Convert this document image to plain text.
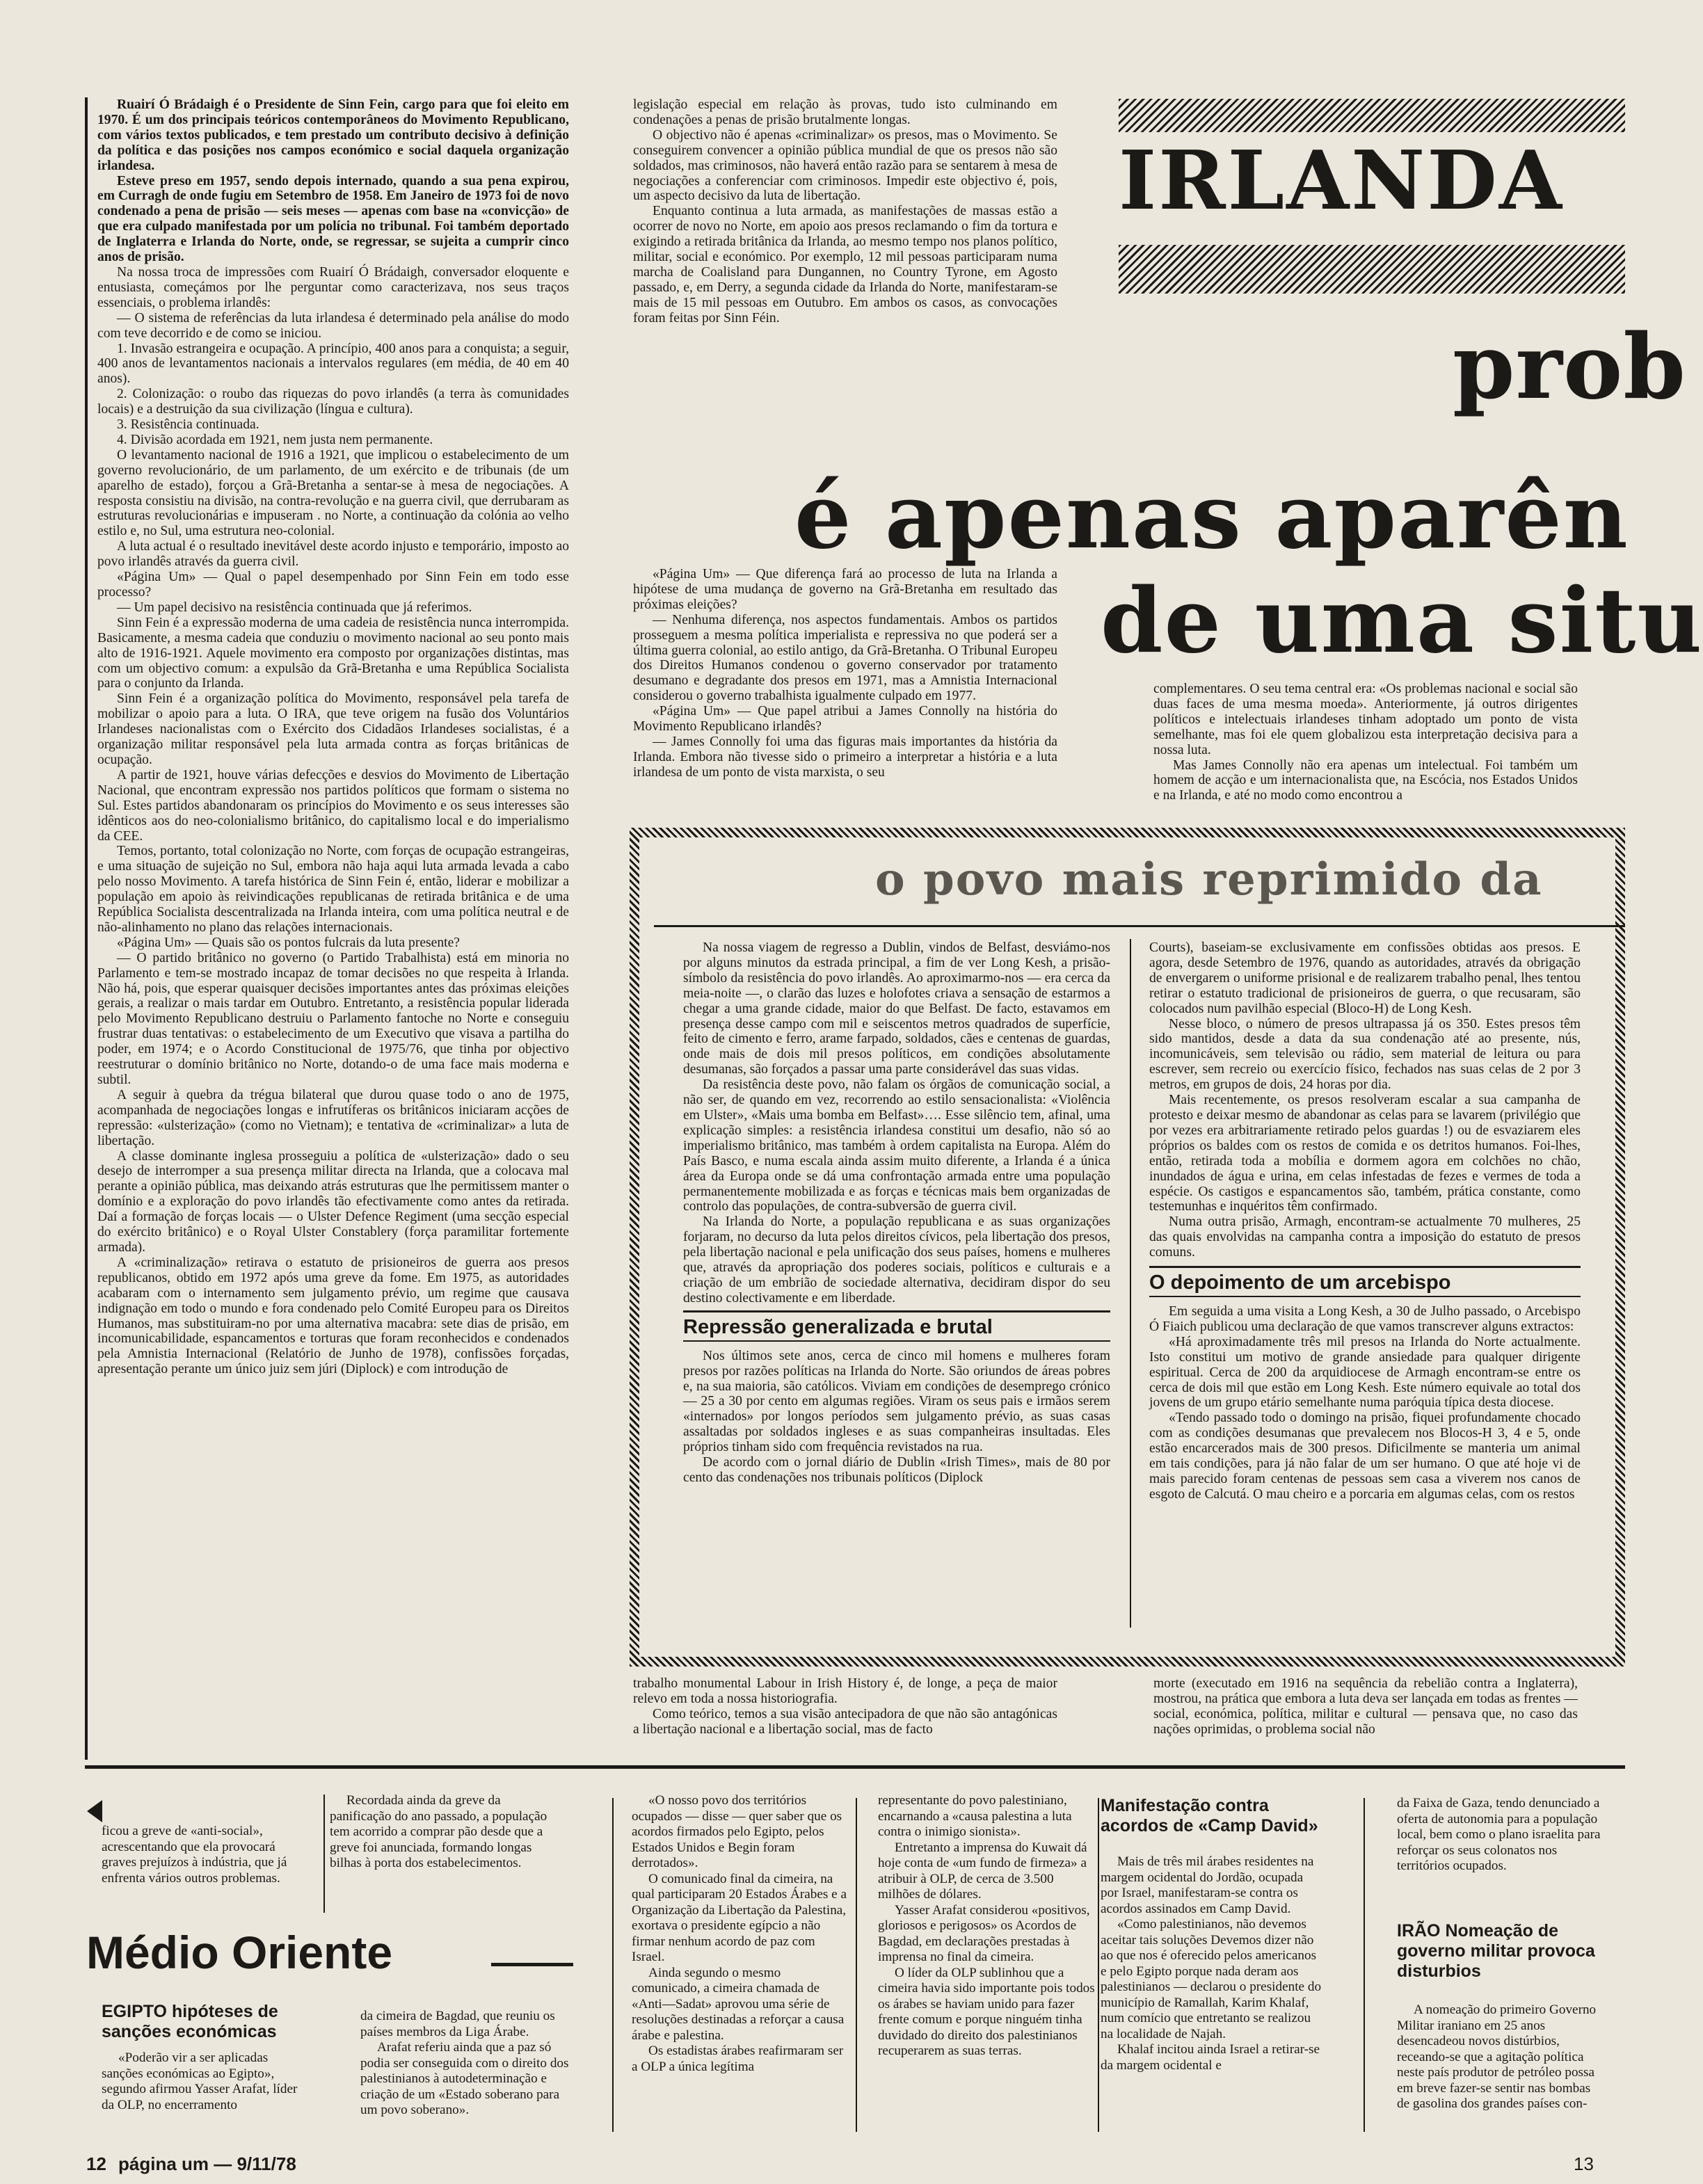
Ruairí Ó Brádaigh é o Presidente de Sinn Fein, cargo para que foi eleito em 1970. É um dos principais teóricos contemporâneos do Movimento Republicano, com vários textos publicados, e tem prestado um contributo decisivo à definição da política e das posições nos campos económico e social daquela organização irlandesa.

Esteve preso em 1957, sendo depois internado, quando a sua pena expirou, em Curragh de onde fugiu em Setembro de 1958. Em Janeiro de 1973 foi de novo condenado a pena de prisão — seis meses — apenas com base na «convicção» de que era culpado manifestada por um polícia no tribunal. Foi também deportado de Inglaterra e Irlanda do Norte, onde, se regressar, se sujeita a cumprir cinco anos de prisão.

Na nossa troca de impressões com Ruairí Ó Brádaigh, conversador eloquente e entusiasta, começámos por lhe perguntar como caracterizava, nos seus traços essenciais, o problema irlandês:

— O sistema de referências da luta irlandesa é determinado pela análise do modo com teve decorrido e de como se iniciou.

1. Invasão estrangeira e ocupação. A princípio, 400 anos para a conquista; a seguir, 400 anos de levantamentos nacionais a intervalos regulares (em média, de 40 em 40 anos).

2. Colonização: o roubo das riquezas do povo irlandês (a terra às comunidades locais) e a destruição da sua civilização (língua e cultura).

3. Resistência continuada.

4. Divisão acordada em 1921, nem justa nem permanente.

O levantamento nacional de 1916 a 1921, que implicou o estabelecimento de um governo revolucionário, de um parlamento, de um exército e de tribunais (de um aparelho de estado), forçou a Grã-Bretanha a sentar-se à mesa de negociações. A resposta consistiu na divisão, na contra-revolução e na guerra civil, que derrubaram as estruturas revolucionárias e impuseram . no Norte, a continuação da colónia ao velho estilo e, no Sul, uma estrutura neo-colonial.

A luta actual é o resultado inevitável deste acordo injusto e temporário, imposto ao povo irlandês através da guerra civil.

«Página Um» — Qual o papel desempenhado por Sinn Fein em todo esse processo?

— Um papel decisivo na resistência continuada que já referimos.

Sinn Fein é a expressão moderna de uma cadeia de resistência nunca interrompida. Basicamente, a mesma cadeia que conduziu o movimento nacional ao seu ponto mais alto de 1916-1921. Aquele movimento era composto por organizações distintas, mas com um objectivo comum: a expulsão da Grã-Bretanha e uma República Socialista para o conjunto da Irlanda.

Sinn Fein é a organização política do Movimento, responsável pela tarefa de mobilizar o apoio para a luta. O IRA, que teve origem na fusão dos Voluntários Irlandeses nacionalistas com o Exército dos Cidadãos Irlandeses socialistas, é a organização militar responsável pela luta armada contra as forças britânicas de ocupação.

A partir de 1921, houve várias defecções e desvios do Movimento de Libertação Nacional, que encontram expressão nos partidos políticos que formam o sistema no Sul. Estes partidos abandonaram os princípios do Movimento e os seus interesses são idênticos aos do neo-colonialismo britânico, do capitalismo local e do imperialismo da CEE.

Temos, portanto, total colonização no Norte, com forças de ocupação estrangeiras, e uma situação de sujeição no Sul, embora não haja aqui luta armada levada a cabo pelo nosso Movimento. A tarefa histórica de Sinn Fein é, então, liderar e mobilizar a população em apoio às reivindicações republicanas de retirada britânica e de uma República Socialista descentralizada na Irlanda inteira, com uma política neutral e de não-alinhamento no plano das relações internacionais.

«Página Um» — Quais são os pontos fulcrais da luta presente?

— O partido britânico no governo (o Partido Trabalhista) está em minoria no Parlamento e tem-se mostrado incapaz de tomar decisões no que respeita à Irlanda. Não há, pois, que esperar quaisquer decisões importantes antes das próximas eleições gerais, a realizar o mais tardar em Outubro. Entretanto, a resistência popular liderada pelo Movimento Republicano destruiu o Parlamento fantoche no Norte e conseguiu frustrar duas tentativas: o estabelecimento de um Executivo que visava a partilha do poder, em 1974; e o Acordo Constitucional de 1975/76, que tinha por objectivo reestruturar o domínio britânico no Norte, dotando-o de uma face mais moderna e subtil.

A seguir à quebra da trégua bilateral que durou quase todo o ano de 1975, acompanhada de negociações longas e infrutíferas os britânicos iniciaram acções de repressão: «ulsterização» (como no Vietnam); e tentativa de «criminalizar» a luta de libertação.

A classe dominante inglesa prosseguiu a política de «ulsterização» dado o seu desejo de interromper a sua presença militar directa na Irlanda, que a colocava mal perante a opinião pública, mas deixando atrás estruturas que lhe permitissem manter o domínio e a exploração do povo irlandês tão efectivamente como antes da retirada. Daí a formação de forças locais — o Ulster Defence Regiment (uma secção especial do exército britânico) e o Royal Ulster Constablery (força paramilitar fortemente armada).

A «criminalização» retirava o estatuto de prisioneiros de guerra aos presos republicanos, obtido em 1972 após uma greve da fome. Em 1975, as autoridades acabaram com o internamento sem julgamento prévio, um regime que causava indignação em todo o mundo e fora condenado pelo Comité Europeu para os Direitos Humanos, mas substituiram-no por uma alternativa macabra: sete dias de prisão, em incomunicabilidade, espancamentos e torturas que foram reconhecidos e condenados pela Amnistia Internacional (Relatório de Junho de 1978), confissões forçadas, apresentação perante um único juiz sem júri (Diplock) e com introdução de

legislação especial em relação às provas, tudo isto culminando em condenações a penas de prisão brutalmente longas.

O objectivo não é apenas «criminalizar» os presos, mas o Movimento. Se conseguirem convencer a opinião pública mundial de que os presos não são soldados, mas criminosos, não haverá então razão para se sentarem à mesa de negociações a conferenciar com criminosos. Impedir este objectivo é, pois, um aspecto decisivo da luta de libertação.

Enquanto continua a luta armada, as manifestações de massas estão a ocorrer de novo no Norte, em apoio aos presos reclamando o fim da tortura e exigindo a retirada britânica da Irlanda, ao mesmo tempo nos planos político, militar, social e económico. Por exemplo, 12 mil pessoas participaram numa marcha de Coalisland para Dungannen, no Country Tyrone, em Agosto passado, e, em Derry, a segunda cidade da Irlanda do Norte, manifestaram-se mais de 15 mil pessoas em Outubro. Em ambos os casos, as convocações foram feitas por Sinn Féin.

IRLANDA
prob
é apenas aparên
de uma situ

«Página Um» — Que diferença fará ao processo de luta na Irlanda a hipótese de uma mudança de governo na Grã-Bretanha em resultado das próximas eleições?

— Nenhuma diferença, nos aspectos fundamentais. Ambos os partidos prosseguem a mesma política imperialista e repressiva no que poderá ser a última guerra colonial, ao estilo antigo, da Grã-Bretanha. O Tribunal Europeu dos Direitos Humanos condenou o governo conservador por tratamento desumano e degradante dos presos em 1971, mas a Amnistia Internacional considerou o governo trabalhista igualmente culpado em 1977.

«Página Um» — Que papel atribui a James Connolly na história do Movimento Republicano irlandês?

— James Connolly foi uma das figuras mais importantes da história da Irlanda. Embora não tivesse sido o primeiro a interpretar a história e a luta irlandesa de um ponto de vista marxista, o seu

complementares. O seu tema central era: «Os problemas nacional e social são duas faces de uma mesma moeda». Anteriormente, já outros dirigentes políticos e intelectuais irlandeses tinham adoptado um ponto de vista semelhante, mas foi ele quem globalizou esta interpretação decisiva para a nossa luta.

Mas James Connolly não era apenas um intelectual. Foi também um homem de acção e um internacionalista que, na Escócia, nos Estados Unidos e na Irlanda, e até no modo como encontrou a

o povo mais reprimido da

Na nossa viagem de regresso a Dublin, vindos de Belfast, desviámo-nos por alguns minutos da estrada principal, a fim de ver Long Kesh, a prisão-símbolo da resistência do povo irlandês. Ao aproximarmo-nos — era cerca da meia-noite —, o clarão das luzes e holofotes criava a sensação de estarmos a chegar a uma grande cidade, maior do que Belfast. De facto, estavamos em presença desse campo com mil e seiscentos metros quadrados de superfície, feito de cimento e ferro, arame farpado, soldados, cães e centenas de guardas, onde mais de dois mil presos políticos, em condições absolutamente desumanas, são forçados a passar uma parte considerável das suas vidas.

Da resistência deste povo, não falam os órgãos de comunicação social, a não ser, de quando em vez, recorrendo ao estilo sensacionalista: «Violência em Ulster», «Mais uma bomba em Belfast»…. Esse silêncio tem, afinal, uma explicação simples: a resistência irlandesa constitui um desafio, não só ao imperialismo britânico, mas também à ordem capitalista na Europa. Além do País Basco, e numa escala ainda assim muito diferente, a Irlanda é a única área da Europa onde se dá uma confrontação armada entre uma população permanentemente mobilizada e as forças e técnicas mais bem organizadas de controlo das populações, de contra-subversão de guerra civil.

Na Irlanda do Norte, a população republicana e as suas organizações forjaram, no decurso da luta pelos direitos cívicos, pela libertação dos presos, pela libertação nacional e pela unificação dos seus países, homens e mulheres que, através da apropriação dos poderes sociais, políticos e culturais e a criação de um embrião de sociedade alternativa, decidiram dispor do seu destino colectivamente e em liberdade.

Repressão generalizada e brutal

Nos últimos sete anos, cerca de cinco mil homens e mulheres foram presos por razões políticas na Irlanda do Norte. São oriundos de áreas pobres e, na sua maioria, são católicos. Viviam em condições de desemprego crónico — 25 a 30 por cento em algumas regiões. Viram os seus pais e irmãos serem «internados» por longos períodos sem julgamento prévio, as suas casas assaltadas por soldados ingleses e as suas companheiras insultadas. Eles próprios tinham sido com frequência revistados na rua.

De acordo com o jornal diário de Dublin «Irish Times», mais de 80 por cento das condenações nos tribunais políticos (Diplock

Courts), baseiam-se exclusivamente em confissões obtidas aos presos. E agora, desde Setembro de 1976, quando as autoridades, através da obrigação de envergarem o uniforme prisional e de realizarem trabalho penal, lhes tentou retirar o estatuto tradicional de prisioneiros de guerra, o que recusaram, são colocados num pavilhão especial (Bloco-H) de Long Kesh.

Nesse bloco, o número de presos ultrapassa já os 350. Estes presos têm sido mantidos, desde a data da sua condenação até ao presente, nús, incomunicáveis, sem televisão ou rádio, sem material de leitura ou para escrever, sem recreio ou exercício físico, fechados nas suas celas de 2 por 3 metros, em grupos de dois, 24 horas por dia.

Mais recentemente, os presos resolveram escalar a sua campanha de protesto e deixar mesmo de abandonar as celas para se lavarem (privilégio que por vezes era arbitrariamente retirado pelos guardas !) ou de esvaziarem eles próprios os baldes com os restos de comida e os detritos humanos. Foi-lhes, então, retirada toda a mobília e dormem agora em colchões no chão, inundados de água e urina, em celas infestadas de fezes e vermes de toda a espécie. Os castigos e espancamentos são, também, prática constante, como testemunhas e inquéritos têm confirmado.

Numa outra prisão, Armagh, encontram-se actualmente 70 mulheres, 25 das quais envolvidas na campanha contra a imposição do estatuto de presos comuns.

O depoimento de um arcebispo

Em seguida a uma visita a Long Kesh, a 30 de Julho passado, o Arcebispo Ó Fiaich publicou uma declaração de que vamos transcrever alguns extractos:

«Há aproximadamente três mil presos na Irlanda do Norte actualmente. Isto constitui um motivo de grande ansiedade para qualquer dirigente espiritual. Cerca de 200 da arquidiocese de Armagh encontram-se entre os cerca de dois mil que estão em Long Kesh. Este número equivale ao total dos jovens de um grupo etário semelhante numa paróquia típica desta diocese.

«Tendo passado todo o domingo na prisão, fiquei profundamente chocado com as condições desumanas que prevalecem nos Blocos-H 3, 4 e 5, onde estão encarcerados mais de 300 presos. Dificilmente se manteria um animal em tais condições, para já não falar de um ser humano. O que até hoje vi de mais parecido foram centenas de pessoas sem casa a viverem nos canos de esgoto de Calcutá. O mau cheiro e a porcaria em algumas celas, com os restos

trabalho monumental Labour in Irish History é, de longe, a peça de maior relevo em toda a nossa historiografia.

Como teórico, temos a sua visão antecipadora de que não são antagónicas a libertação nacional e a libertação social, mas de facto

morte (executado em 1916 na sequência da rebelião contra a Inglaterra), mostrou, na prática que embora a luta deva ser lançada em todas as frentes — social, económica, política, militar e cultural — pensava que, no caso das nações oprimidas, o problema social não

ficou a greve de «anti-social», acrescentando que ela provocará graves prejuízos à indústria, que já enfrenta vários outros problemas.
Médio Oriente

EGIPTO hipóteses de sanções económicas

«Poderão vir a ser aplicadas sanções económicas ao Egipto», segundo afirmou Yasser Arafat, líder da OLP, no encerramento

Recordada ainda da greve da panificação do ano passado, a população tem acorrido a comprar pão desde que a greve foi anunciada, formando longas bilhas à porta dos estabelecimentos.

da cimeira de Bagdad, que reuniu os países membros da Liga Árabe.

Arafat referiu ainda que a paz só podia ser conseguida com o direito dos palestinianos à autodeterminação e criação de um «Estado soberano para um povo soberano».

«O nosso povo dos territórios ocupados — disse — quer saber que os acordos firmados pelo Egipto, pelos Estados Unidos e Begin foram derrotados».

O comunicado final da cimeira, na qual participaram 20 Estados Árabes e a Organização da Libertação da Palestina, exortava o presidente egípcio a não firmar nenhum acordo de paz com Israel.

Ainda segundo o mesmo comunicado, a cimeira chamada de «Anti—Sadat» aprovou uma série de resoluções destinadas a reforçar a causa árabe e palestina.

Os estadistas árabes reafirmaram ser a OLP a única legítima

representante do povo palestiniano, encarnando a «causa palestina a luta contra o inimigo sionista».

Entretanto a imprensa do Kuwait dá hoje conta de «um fundo de firmeza» a atribuir à OLP, de cerca de 3.500 milhões de dólares.

Yasser Arafat considerou «positivos, gloriosos e perigosos» os Acordos de Bagdad, em declarações prestadas à imprensa no final da cimeira.

O líder da OLP sublinhou que a cimeira havia sido importante pois todos os árabes se haviam unido para fazer frente comum e porque ninguém tinha duvidado do direito dos palestinianos recuperarem as suas terras.

Manifestação contra acordos de «Camp David»

Mais de três mil árabes residentes na margem ocidental do Jordão, ocupada por Israel, manifestaram-se contra os acordos assinados em Camp David.

«Como palestinianos, não devemos aceitar tais soluções Devemos dizer não ao que nos é oferecido pelos americanos e pelo Egipto porque nada deram aos palestinianos — declarou o presidente do município de Ramallah, Karim Khalaf, num comício que entretanto se realizou na localidade de Najah.

Khalaf incitou ainda Israel a retirar-se da margem ocidental e

da Faixa de Gaza, tendo denunciado a oferta de autonomia para a população local, bem como o plano israelita para reforçar os seus colonatos nos territórios ocupados.

IRÃO Nomeação de governo militar provoca disturbios

A nomeação do primeiro Governo Militar iraniano em 25 anos desencadeou novos distúrbios, receando-se que a agitação política neste país produtor de petróleo possa em breve fazer-se sentir nas bombas de gasolina dos grandes países con-

12 página um — 9/11/78	13
